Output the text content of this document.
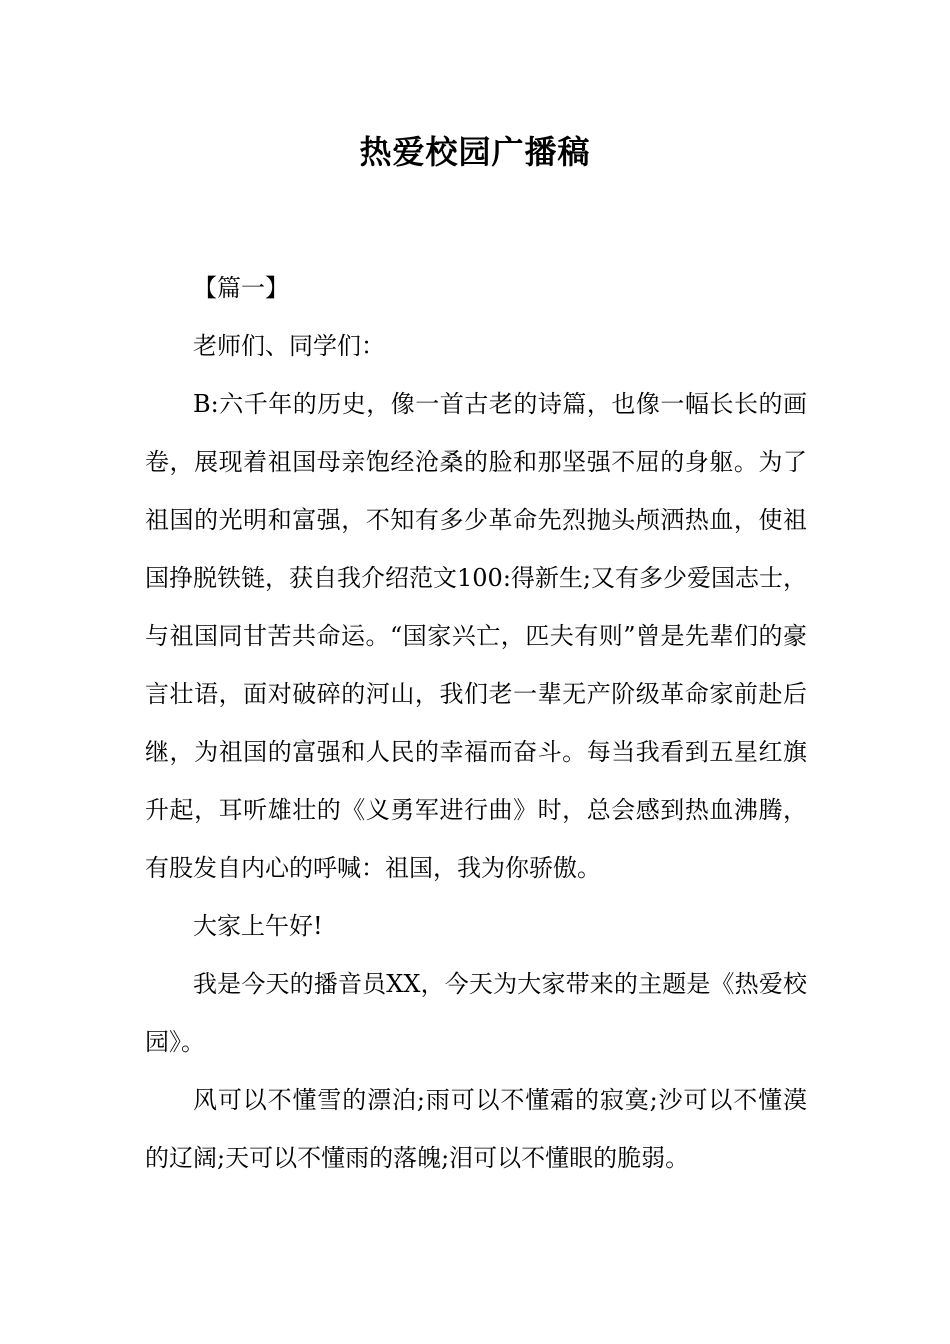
热爱校园广播稿

【篇一】

老师们、同学们：

B:六千年的历史，像一首古老的诗篇，也像一幅长长的画卷，展现着祖国母亲饱经沧桑的脸和那坚强不屈的身躯。为了祖国的光明和富强，不知有多少革命先烈抛头颅洒热血，使祖国挣脱铁链，获自我介绍范文100:得新生;又有多少爱国志士，与祖国同甘苦共命运。“国家兴亡，匹夫有则”曾是先辈们的豪言壮语，面对破碎的河山，我们老一辈无产阶级革命家前赴后继，为祖国的富强和人民的幸福而奋斗。每当我看到五星红旗升起，耳听雄壮的《义勇军进行曲》时，总会感到热血沸腾，有股发自内心的呼喊：祖国，我为你骄傲。

大家上午好!

我是今天的播音员XX，今天为大家带来的主题是《热爱校园》。

风可以不懂雪的漂泊;雨可以不懂霜的寂寞;沙可以不懂漠的辽阔;天可以不懂雨的落魄;泪可以不懂眼的脆弱。
